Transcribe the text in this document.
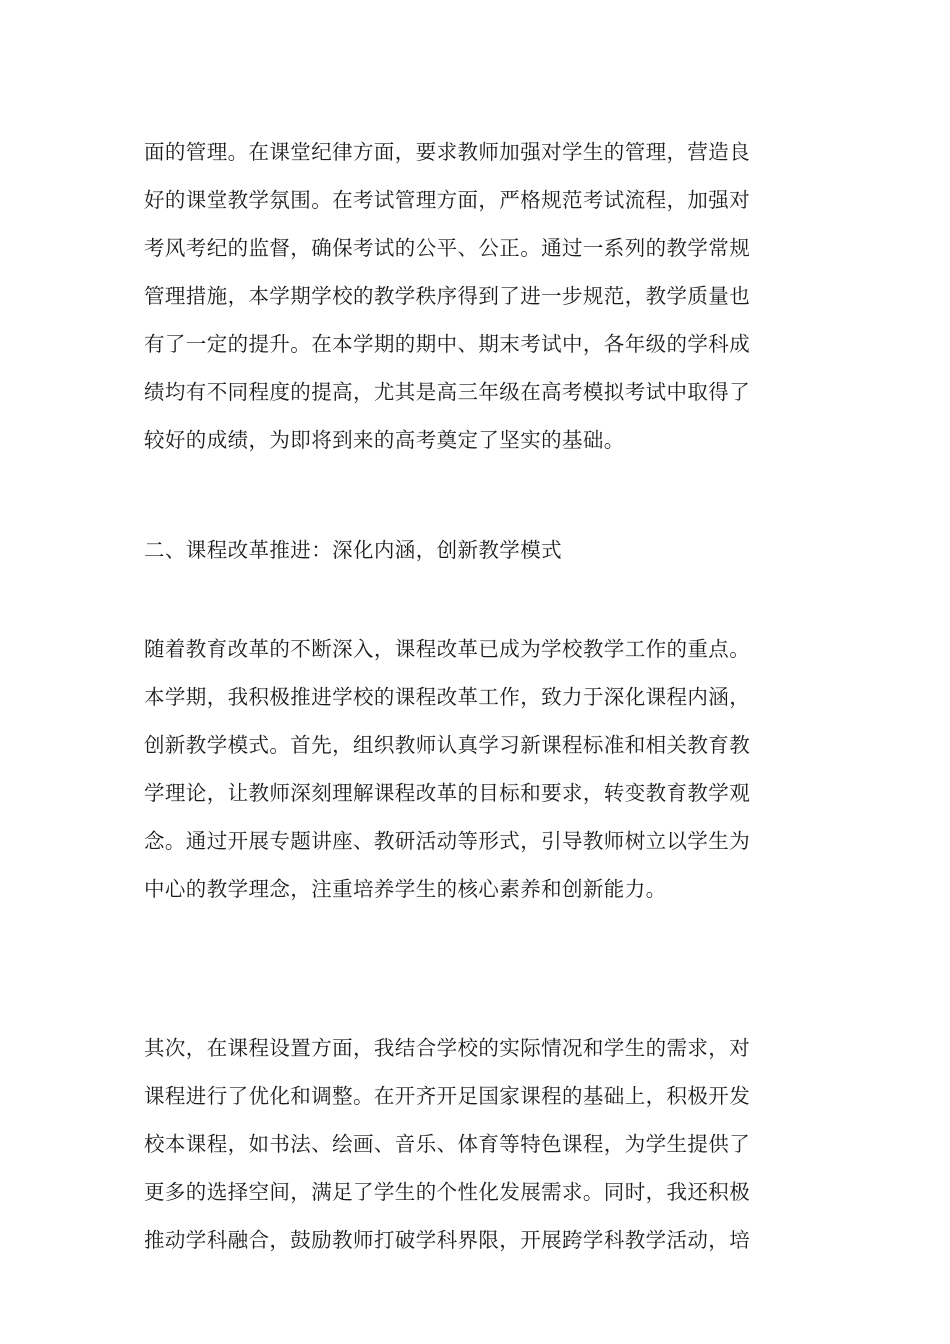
面的管理。在课堂纪律方面，要求教师加强对学生的管理，营造良
好的课堂教学氛围。在考试管理方面，严格规范考试流程，加强对
考风考纪的监督，确保考试的公平、公正。通过一系列的教学常规
管理措施，本学期学校的教学秩序得到了进一步规范，教学质量也
有了一定的提升。在本学期的期中、期末考试中，各年级的学科成
绩均有不同程度的提高，尤其是高三年级在高考模拟考试中取得了
较好的成绩，为即将到来的高考奠定了坚实的基础。
二、课程改革推进：深化内涵，创新教学模式
随着教育改革的不断深入，课程改革已成为学校教学工作的重点。
本学期，我积极推进学校的课程改革工作，致力于深化课程内涵，
创新教学模式。首先，组织教师认真学习新课程标准和相关教育教
学理论，让教师深刻理解课程改革的目标和要求，转变教育教学观
念。通过开展专题讲座、教研活动等形式，引导教师树立以学生为
中心的教学理念，注重培养学生的核心素养和创新能力。
其次，在课程设置方面，我结合学校的实际情况和学生的需求，对
课程进行了优化和调整。在开齐开足国家课程的基础上，积极开发
校本课程，如书法、绘画、音乐、体育等特色课程，为学生提供了
更多的选择空间，满足了学生的个性化发展需求。同时，我还积极
推动学科融合，鼓励教师打破学科界限，开展跨学科教学活动，培
